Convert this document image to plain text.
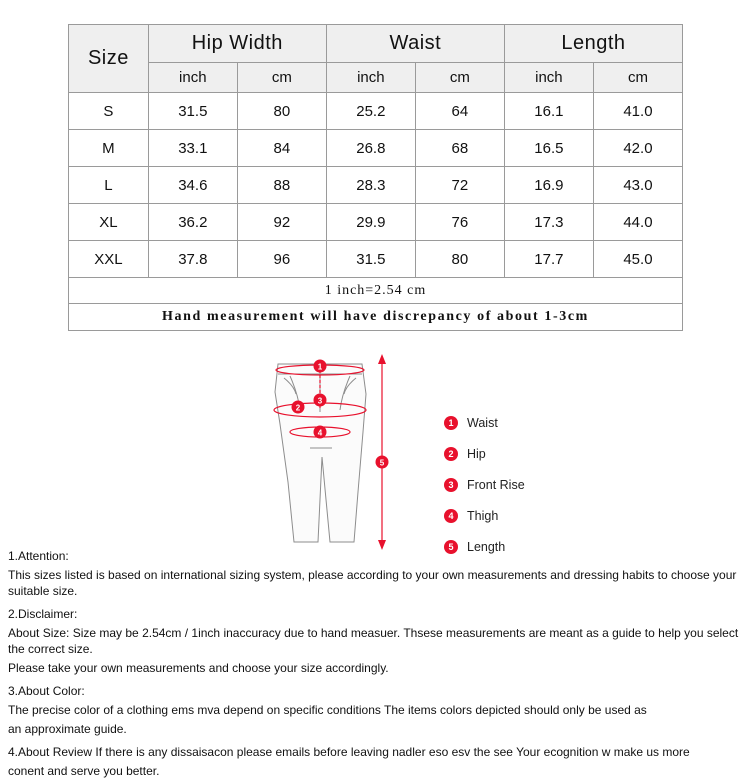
Size	Hip Width		Waist		Length	
	inch	cm	inch	cm	inch	cm
S	31.5	80	25.2	64	16.1	41.0
M	33.1	84	26.8	68	16.5	42.0
L	34.6	88	28.3	72	16.9	43.0
XL	36.2	92	29.9	76	17.3	44.0
XXL	37.8	96	31.5	80	17.7	45.0
1 inch=2.54 cm						
Hand measurement will have discrepancy of about 1-3cm						
1
2
3
4
5
1	Waist
2	Hip
3	Front Rise
4	Thigh
5	Length

1.Attention:

This sizes listed is based on international sizing system, please according to your own measurements and dressing habits to choose your suitable size.

2.Disclaimer:

About Size: Size may be 2.54cm / 1inch inaccuracy due to hand measuer. Thsese measurements are meant as a guide to help you select the correct size.

Please take your own measurements and choose your size accordingly.

3.About Color:

The precise color of a clothing ems mva depend on specific conditions The items colors depicted should only be used as

an approximate guide.

4.About Review If there is any dissaisacon please emails before leaving nadler eso esv the see Your ecognition w make us more

conent and serve you better.
